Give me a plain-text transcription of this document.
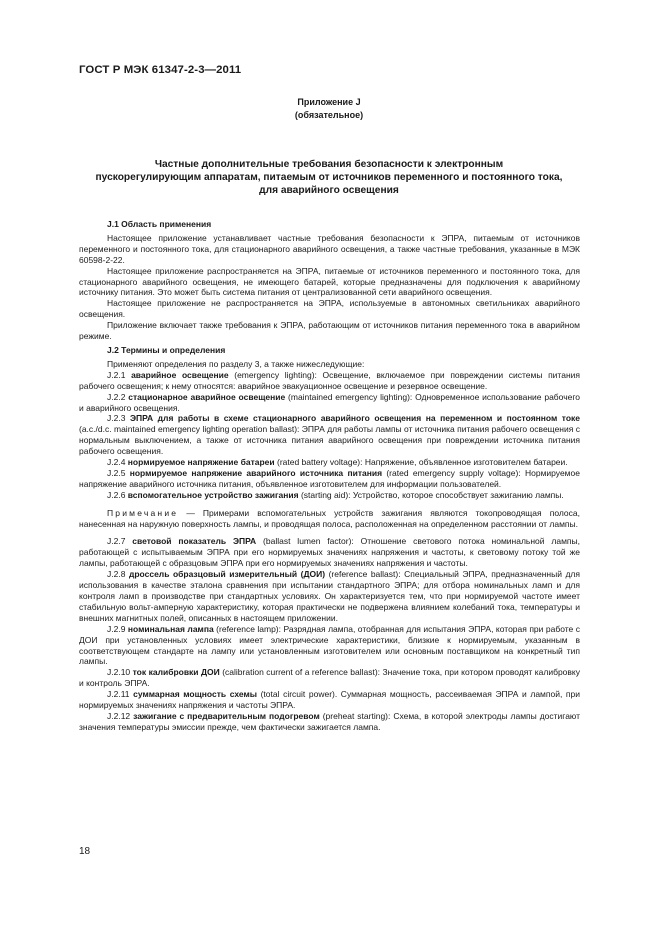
ГОСТ Р МЭК 61347-2-3—2011
Приложение J
(обязательное)
Частные дополнительные требования безопасности к электронным
пускорегулирующим аппаратам, питаемым от источников переменного и постоянного тока,
для аварийного освещения

J.1 Область применения

Настоящее приложение устанавливает частные требования безопасности к ЭПРА, питаемым от источников переменного и постоянного тока, для стационарного аварийного освещения, а также частные требования, указанные в МЭК 60598-2-22.

Настоящее приложение распространяется на ЭПРА, питаемые от источников переменного и постоянного тока, для стационарного аварийного освещения, не имеющего батарей, которые предназначены для подключения к аварийному источнику питания. Это может быть система питания от централизованной сети аварийного освещения.

Настоящее приложение не распространяется на ЭПРА, используемые в автономных светильниках аварийного освещения.

Приложение включает также требования к ЭПРА, работающим от источников питания переменного тока в аварийном режиме.

J.2 Термины и определения

Применяют определения по разделу 3, а также нижеследующие:

J.2.1 аварийное освещение (emergency lighting): Освещение, включаемое при повреждении системы питания рабочего освещения; к нему относятся: аварийное эвакуационное освещение и резервное освещение.

J.2.2 стационарное аварийное освещение (maintained emergency lighting): Одновременное использование рабочего и аварийного освещения.

J.2.3 ЭПРА для работы в схеме стационарного аварийного освещения на переменном и постоянном токе (a.c./d.c. maintained emergency lighting operation ballast): ЭПРА для работы лампы от источника питания рабочего освещения с нормальным выключением, а также от источника питания аварийного освещения при повреждении источника питания рабочего освещения.

J.2.4 нормируемое напряжение батареи (rated battery voltage): Напряжение, объявленное изготовителем батареи.

J.2.5 нормируемое напряжение аварийного источника питания (rated emergency supply voltage): Нормируемое напряжение аварийного источника питания, объявленное изготовителем для информации пользователей.

J.2.6 вспомогательное устройство зажигания (starting aid): Устройство, которое способствует зажиганию лампы.

Примечание — Примерами вспомогательных устройств зажигания являются токопроводящая полоса, нанесенная на наружную поверхность лампы, и проводящая полоса, расположенная на определенном расстоянии от лампы.

J.2.7 световой показатель ЭПРА (ballast lumen factor): Отношение светового потока номинальной лампы, работающей с испытываемым ЭПРА при его нормируемых значениях напряжения и частоты, к световому потоку той же лампы, работающей с образцовым ЭПРА при его нормируемых значениях напряжения и частоты.

J.2.8 дроссель образцовый измерительный (ДОИ) (reference ballast): Специальный ЭПРА, предназначенный для использования в качестве эталона сравнения при испытании стандартного ЭПРА; для отбора номинальных ламп и для контроля ламп в производстве при стандартных условиях. Он характеризуется тем, что при нормируемой частоте имеет стабильную вольт-амперную характеристику, которая практически не подвержена влиянием колебаний тока, температуры и внешних магнитных полей, описанных в настоящем приложении.

J.2.9 номинальная лампа (reference lamp): Разрядная лампа, отобранная для испытания ЭПРА, которая при работе с ДОИ при установленных условиях имеет электрические характеристики, близкие к нормируемым, указанным в соответствующем стандарте на лампу или установленным изготовителем или основным поставщиком на конкретный тип лампы.

J.2.10 ток калибровки ДОИ (calibration current of a reference ballast): Значение тока, при котором проводят калибровку и контроль ЭПРА.

J.2.11 суммарная мощность схемы (total circuit power). Суммарная мощность, рассеиваемая ЭПРА и лампой, при нормируемых значениях напряжения и частоты ЭПРА.

J.2.12 зажигание с предварительным подогревом (preheat starting): Схема, в которой электроды лампы достигают значения температуры эмиссии прежде, чем фактически зажигается лампа.

18
